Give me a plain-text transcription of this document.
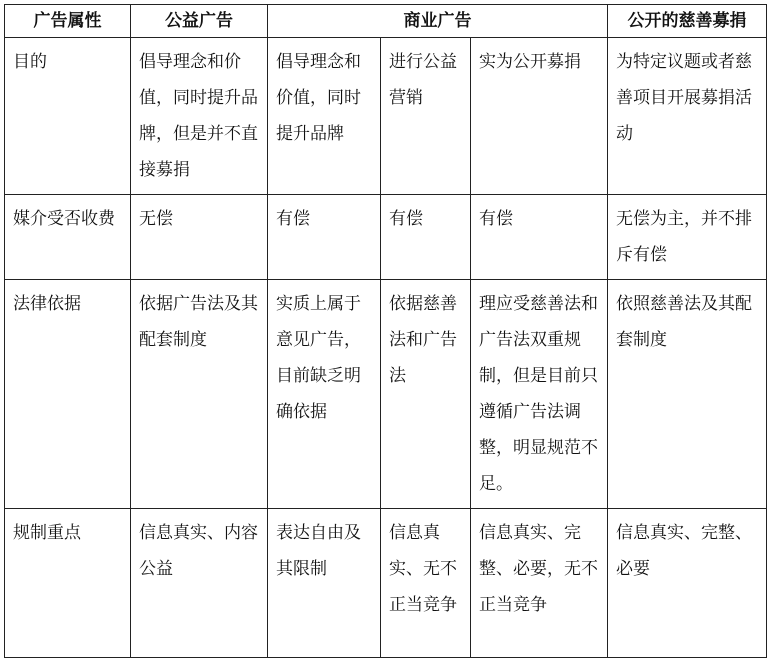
广告属性	公益广告	商业广告			公开的慈善募捐
目的	倡导理念和价值，同时提升品牌，但是并不直接募捐	倡导理念和价值，同时提升品牌	进行公益营销	实为公开募捐	为特定议题或者慈善项目开展募捐活动
媒介受否收费	无偿	有偿	有偿	有偿	无偿为主，并不排斥有偿
法律依据	依据广告法及其配套制度	实质上属于意见广告，目前缺乏明确依据	依据慈善法和广告法	理应受慈善法和广告法双重规制，但是目前只遵循广告法调整，明显规范不足。	依照慈善法及其配套制度
规制重点	信息真实、内容公益	表达自由及其限制	信息真实、无不正当竞争	信息真实、完整、必要，无不正当竞争	信息真实、完整、必要
